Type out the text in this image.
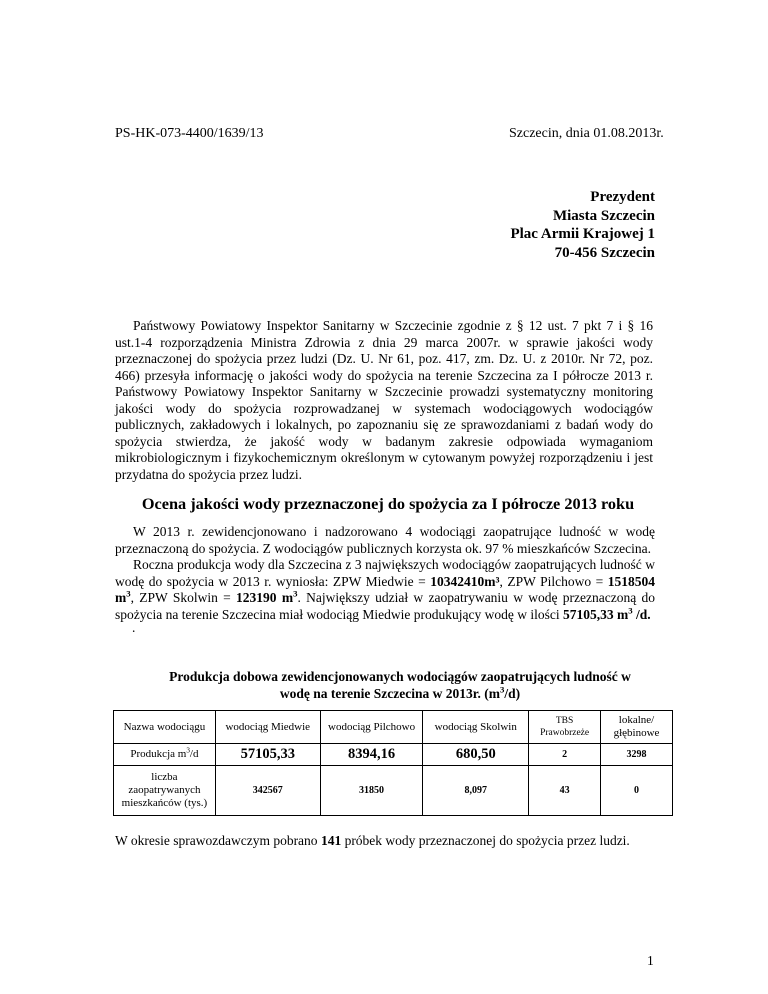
PS-HK-073-4400/1639/13	Szczecin, dnia 01.08.2013r.
Prezydent
Miasta Szczecin
Plac Armii Krajowej 1
70-456 Szczecin
Państwowy Powiatowy Inspektor Sanitarny w Szczecinie zgodnie z § 12 ust. 7 pkt 7 i § 16 ust.1-4 rozporządzenia Ministra Zdrowia z dnia 29 marca 2007r. w sprawie jakości wody przeznaczonej do spożycia przez ludzi (Dz. U. Nr 61, poz. 417, zm. Dz. U. z 2010r. Nr 72, poz. 466) przesyła informację o jakości wody do spożycia na terenie Szczecina za I półrocze 2013 r. Państwowy Powiatowy Inspektor Sanitarny w Szczecinie prowadzi systematyczny monitoring jakości wody do spożycia rozprowadzanej w systemach wodociągowych wodociągów publicznych, zakładowych i lokalnych, po zapoznaniu się ze sprawozdaniami z badań wody do spożycia stwierdza, że jakość wody w badanym zakresie odpowiada wymaganiom mikrobiologicznym i fizykochemicznym określonym w cytowanym powyżej rozporządzeniu i jest przydatna do spożycia przez ludzi.
Ocena jakości wody przeznaczonej do spożycia za I półrocze 2013 roku

W 2013 r. zewidencjonowano i nadzorowano 4 wodociągi zaopatrujące ludność w wodę przeznaczoną do spożycia. Z wodociągów publicznych korzysta ok. 97 % mieszkańców Szczecina.

Roczna produkcja wody dla Szczecina z 3 największych wodociągów zaopatrujących ludność w wodę do spożycia w 2013 r. wyniosła: ZPW Miedwie = 10342410m³, ZPW Pilchowo = 1518504 $m^3$, ZPW Skolwin = 123190 $m^3$. Największy udział w zaopatrywaniu w wodę przeznaczoną do spożycia na terenie Szczecina miał wodociąg Miedwie produkujący wodę w ilości 57105,33 $m^3$ /d.

.

Produkcja dobowa zewidencjonowanych wodociągów zaopatrujących ludność w
wodę na terenie Szczecina w 2013r. $(m^3/d)$
Nazwa wodociągu	wodociąg Miedwie	wodociąg Pilchowo	wodociąg Skolwin	TBS Prawobrzeże	lokalne/ głębinowe
Produkcja $m^3/d$	57105,33	8394,16	680,50	2	3298
liczba zaopatrywanych mieszkańców (tys.)	342567	31850	8,097	43	0
W okresie sprawozdawczym pobrano 141 próbek wody przeznaczonej do spożycia przez ludzi.
1
